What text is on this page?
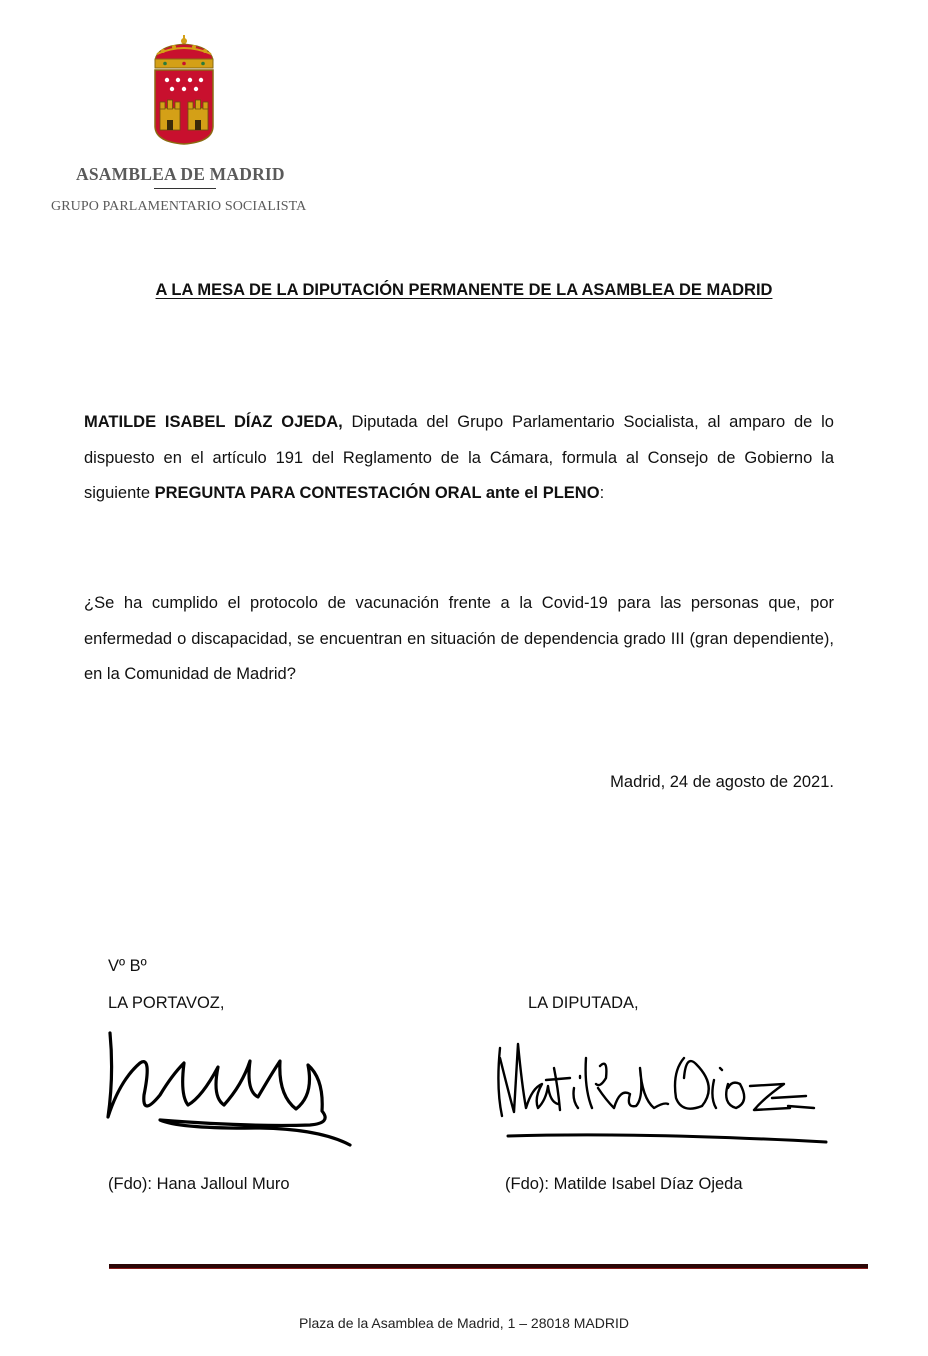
ASAMBLEA DE MADRID
GRUPO PARLAMENTARIO SOCIALISTA
A LA MESA DE LA DIPUTACIÓN PERMANENTE DE LA ASAMBLEA DE MADRID
MATILDE ISABEL DÍAZ OJEDA, Diputada del Grupo Parlamentario Socialista, al amparo de lo dispuesto en el artículo 191 del Reglamento de la Cámara, formula al Consejo de Gobierno la siguiente PREGUNTA PARA CONTESTACIÓN ORAL ante el PLENO:
¿Se ha cumplido el protocolo de vacunación frente a la Covid-19 para las personas que, por enfermedad o discapacidad, se encuentran en situación de dependencia grado III (gran dependiente), en la Comunidad de Madrid?
Madrid, 24 de agosto de 2021.
Vº Bº
LA PORTAVOZ,	LA DIPUTADA,
(Fdo): Hana Jalloul Muro	(Fdo): Matilde Isabel Díaz Ojeda
Plaza de la Asamblea de Madrid, 1 – 28018 MADRID
